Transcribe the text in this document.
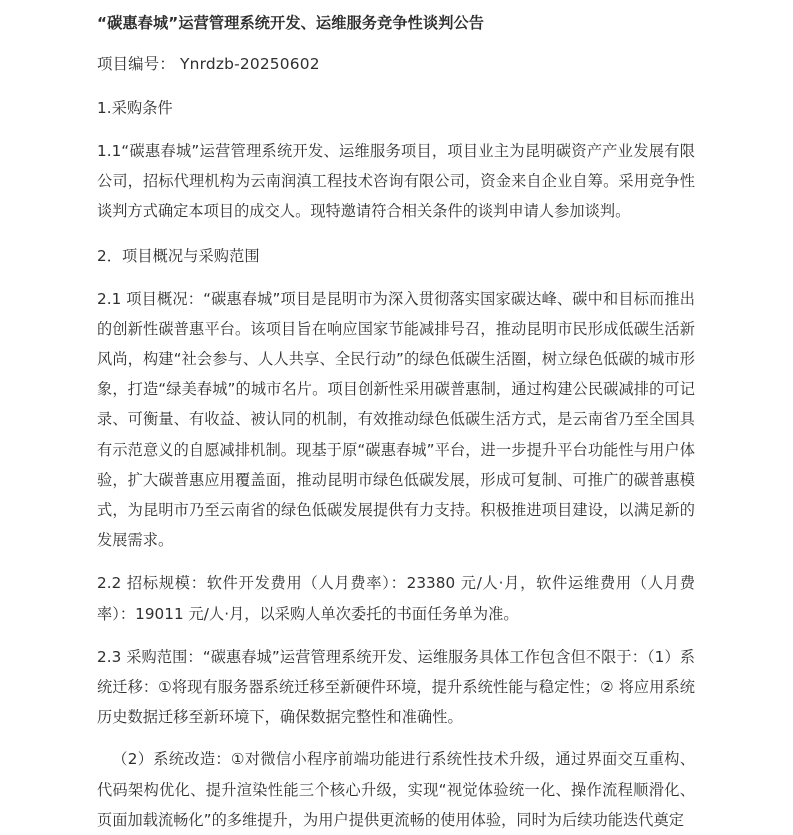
“碳惠春城”运营管理系统开发、运维服务竞争性谈判公告

项目编号： Ynrdzb-20250602

1.采购条件

1.1“碳惠春城”运营管理系统开发、运维服务项目，项目业主为昆明碳资产产业发展有限公司，招标代理机构为云南润滇工程技术咨询有限公司，资金来自企业自筹。采用竞争性谈判方式确定本项目的成交人。现特邀请符合相关条件的谈判申请人参加谈判。

2．项目概况与采购范围

2.1 项目概况：“碳惠春城”项目是昆明市为深入贯彻落实国家碳达峰、碳中和目标而推出的创新性碳普惠平台。该项目旨在响应国家节能减排号召，推动昆明市民形成低碳生活新风尚，构建“社会参与、人人共享、全民行动”的绿色低碳生活圈，树立绿色低碳的城市形象，打造“绿美春城”的城市名片。项目创新性采用碳普惠制，通过构建公民碳减排的可记录、可衡量、有收益、被认同的机制，有效推动绿色低碳生活方式，是云南省乃至全国具有示范意义的自愿减排机制。现基于原“碳惠春城”平台，进一步提升平台功能性与用户体验，扩大碳普惠应用覆盖面，推动昆明市绿色低碳发展，形成可复制、可推广的碳普惠模式，为昆明市乃至云南省的绿色低碳发展提供有力支持。积极推进项目建设，以满足新的发展需求。

2.2 招标规模：软件开发费用（人月费率）：23380 元/人·月，软件运维费用（人月费率）：19011 元/人·月，以采购人单次委托的书面任务单为准。

2.3 采购范围：“碳惠春城”运营管理系统开发、运维服务具体工作包含但不限于：（1）系统迁移：①将现有服务器系统迁移至新硬件环境，提升系统性能与稳定性；② 将应用系统历史数据迁移至新环境下，确保数据完整性和准确性。

（2）系统改造：①对微信小程序前端功能进行系统性技术升级，通过界面交互重构、代码架构优化、提升渲染性能三个核心升级，实现“视觉体验统一化、操作流程顺滑化、页面加载流畅化”的多维提升，为用户提供更流畅的使用体验，同时为后续功能迭代奠定
